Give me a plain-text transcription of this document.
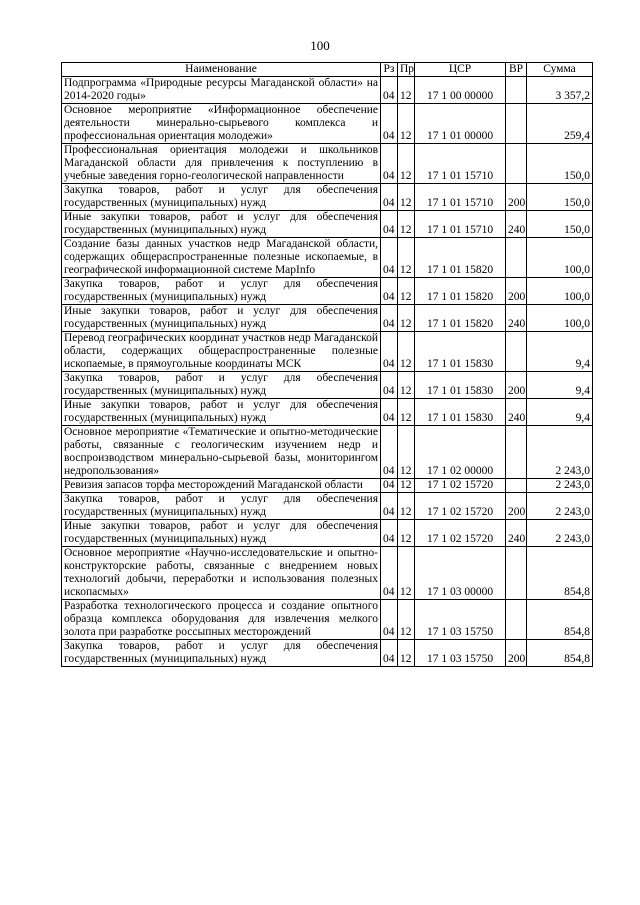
100
Наименование	Рз	Пр	ЦСР	ВР	Сумма
Подпрограмма «Природные ресурсы Магаданской области» на 2014-2020 годы»	04	12	17 1 00 00000		3 357,2
Основное мероприятие «Информационное обеспечение деятельности минерально-сырьевого комплекса и профессиональная ориентация молодежи»	04	12	17 1 01 00000		259,4
Профессиональная ориентация молодежи и школьников Магаданской области для привлечения к поступлению в учебные заведения горно-геологической направленности	04	12	17 1 01 15710		150,0
Закупка товаров, работ и услуг для обеспечения государственных (муниципальных) нужд	04	12	17 1 01 15710	200	150,0
Иные закупки товаров, работ и услуг для обеспечения государственных (муниципальных) нужд	04	12	17 1 01 15710	240	150,0
Создание базы данных участков недр Магаданской области, содержащих общераспространенные полезные ископаемые, в географической информационной системе MapInfo	04	12	17 1 01 15820		100,0
Закупка товаров, работ и услуг для обеспечения государственных (муниципальных) нужд	04	12	17 1 01 15820	200	100,0
Иные закупки товаров, работ и услуг для обеспечения государственных (муниципальных) нужд	04	12	17 1 01 15820	240	100,0
Перевод географических координат участков недр Магаданской области, содержащих общераспространенные полезные ископаемые, в прямоугольные координаты МСК	04	12	17 1 01 15830		9,4
Закупка товаров, работ и услуг для обеспечения государственных (муниципальных) нужд	04	12	17 1 01 15830	200	9,4
Иные закупки товаров, работ и услуг для обеспечения государственных (муниципальных) нужд	04	12	17 1 01 15830	240	9,4
Основное мероприятие «Тематические и опытно-методические работы, связанные с геологическим изучением недр и воспроизводством минерально-сырьевой базы, мониторингом недропользования»	04	12	17 1 02 00000		2 243,0
Ревизия запасов торфа месторождений Магаданской области	04	12	17 1 02 15720		2 243,0
Закупка товаров, работ и услуг для обеспечения государственных (муниципальных) нужд	04	12	17 1 02 15720	200	2 243,0
Иные закупки товаров, работ и услуг для обеспечения государственных (муниципальных) нужд	04	12	17 1 02 15720	240	2 243,0
Основное мероприятие «Научно-исследовательские и опытно-конструкторские работы, связанные с внедрением новых технологий добычи, переработки и использования полезных ископасмых»	04	12	17 1 03 00000		854,8
Разработка технологического процесса и создание опытного образца комплекса оборудования для извлечения мелкого золота при разработке россыпных месторождений	04	12	17 1 03 15750		854,8
Закупка товаров, работ и услуг для обеспечения государственных (муниципальных) нужд	04	12	17 1 03 15750	200	854,8
